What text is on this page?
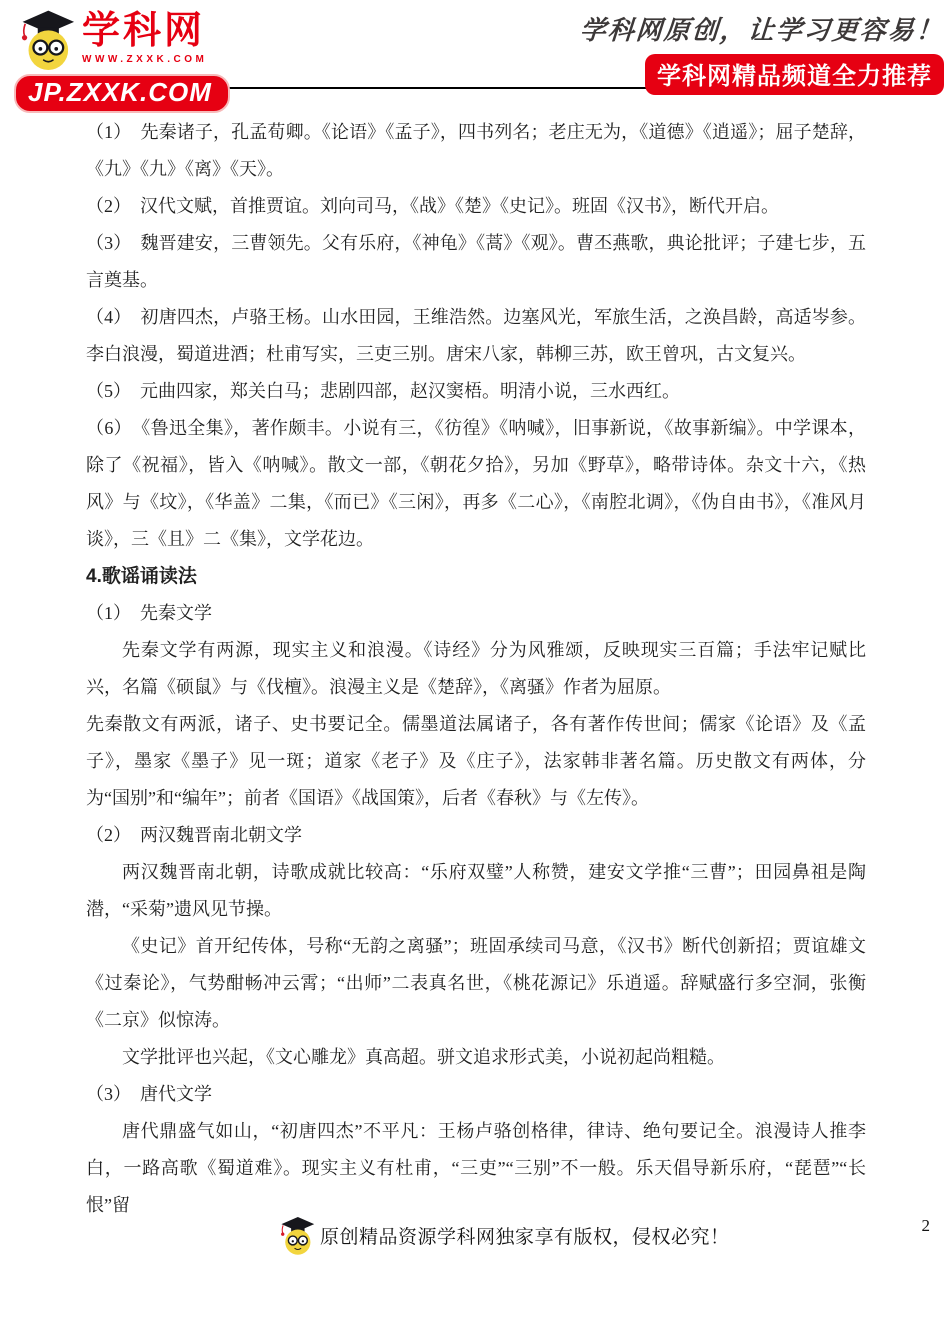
学科网
WWW.ZXXK.COM
JP.ZXXK.COM
学科网原创，让学习更容易！
学科网精品频道全力推荐

（1）　先秦诸子，孔孟荀卿。《论语》《孟子》，四书列名；老庄无为，《道德》《逍遥》；屈子楚辞，《九》《九》《离》《天》。

（2）　汉代文赋，首推贾谊。刘向司马，《战》《楚》《史记》。班固《汉书》，断代开启。

（3）　魏晋建安，三曹领先。父有乐府，《神龟》《蒿》《观》。曹丕燕歌，典论批评；子建七步，五言奠基。

（4）　初唐四杰，卢骆王杨。山水田园，王维浩然。边塞风光，军旅生活，之涣昌龄，高适岑参。李白浪漫，蜀道进酒；杜甫写实，三吏三别。唐宋八家，韩柳三苏，欧王曾巩，古文复兴。

（5）　元曲四家，郑关白马；悲剧四部，赵汉窦梧。明清小说，三水西红。

（6）　《鲁迅全集》，著作颇丰。小说有三，《彷徨》《呐喊》，旧事新说，《故事新编》。中学课本，除了《祝福》，皆入《呐喊》。散文一部，《朝花夕拾》，另加《野草》，略带诗体。杂文十六，《热风》与《坟》，《华盖》二集，《而已》《三闲》，再多《二心》，《南腔北调》，《伪自由书》，《准风月谈》，三《且》二《集》，文学花边。

4.歌谣诵读法

（1）　先秦文学

先秦文学有两源，现实主义和浪漫。《诗经》分为风雅颂，反映现实三百篇；手法牢记赋比兴，名篇《硕鼠》与《伐檀》。浪漫主义是《楚辞》，《离骚》作者为屈原。

先秦散文有两派，诸子、史书要记全。儒墨道法属诸子，各有著作传世间；儒家《论语》及《孟子》，墨家《墨子》见一斑；道家《老子》及《庄子》，法家韩非著名篇。历史散文有两体，分为“国别”和“编年”；前者《国语》《战国策》，后者《春秋》与《左传》。

（2）　两汉魏晋南北朝文学

两汉魏晋南北朝，诗歌成就比较高：“乐府双璧”人称赞，建安文学推“三曹”；田园鼻祖是陶潜，“采菊”遗风见节操。

《史记》首开纪传体，号称“无韵之离骚”；班固承续司马意，《汉书》断代创新招；贾谊雄文《过秦论》，气势酣畅冲云霄；“出师”二表真名世，《桃花源记》乐逍遥。辞赋盛行多空洞，张衡《二京》似惊涛。

文学批评也兴起，《文心雕龙》真高超。骈文追求形式美，小说初起尚粗糙。

（3）　唐代文学

唐代鼎盛气如山，“初唐四杰”不平凡：王杨卢骆创格律，律诗、绝句要记全。浪漫诗人推李白，一路高歌《蜀道难》。现实主义有杜甫，“三吏”“三别”不一般。乐天倡导新乐府，“琵琶”“长恨”留

原创精品资源学科网独家享有版权，侵权必究！
2
